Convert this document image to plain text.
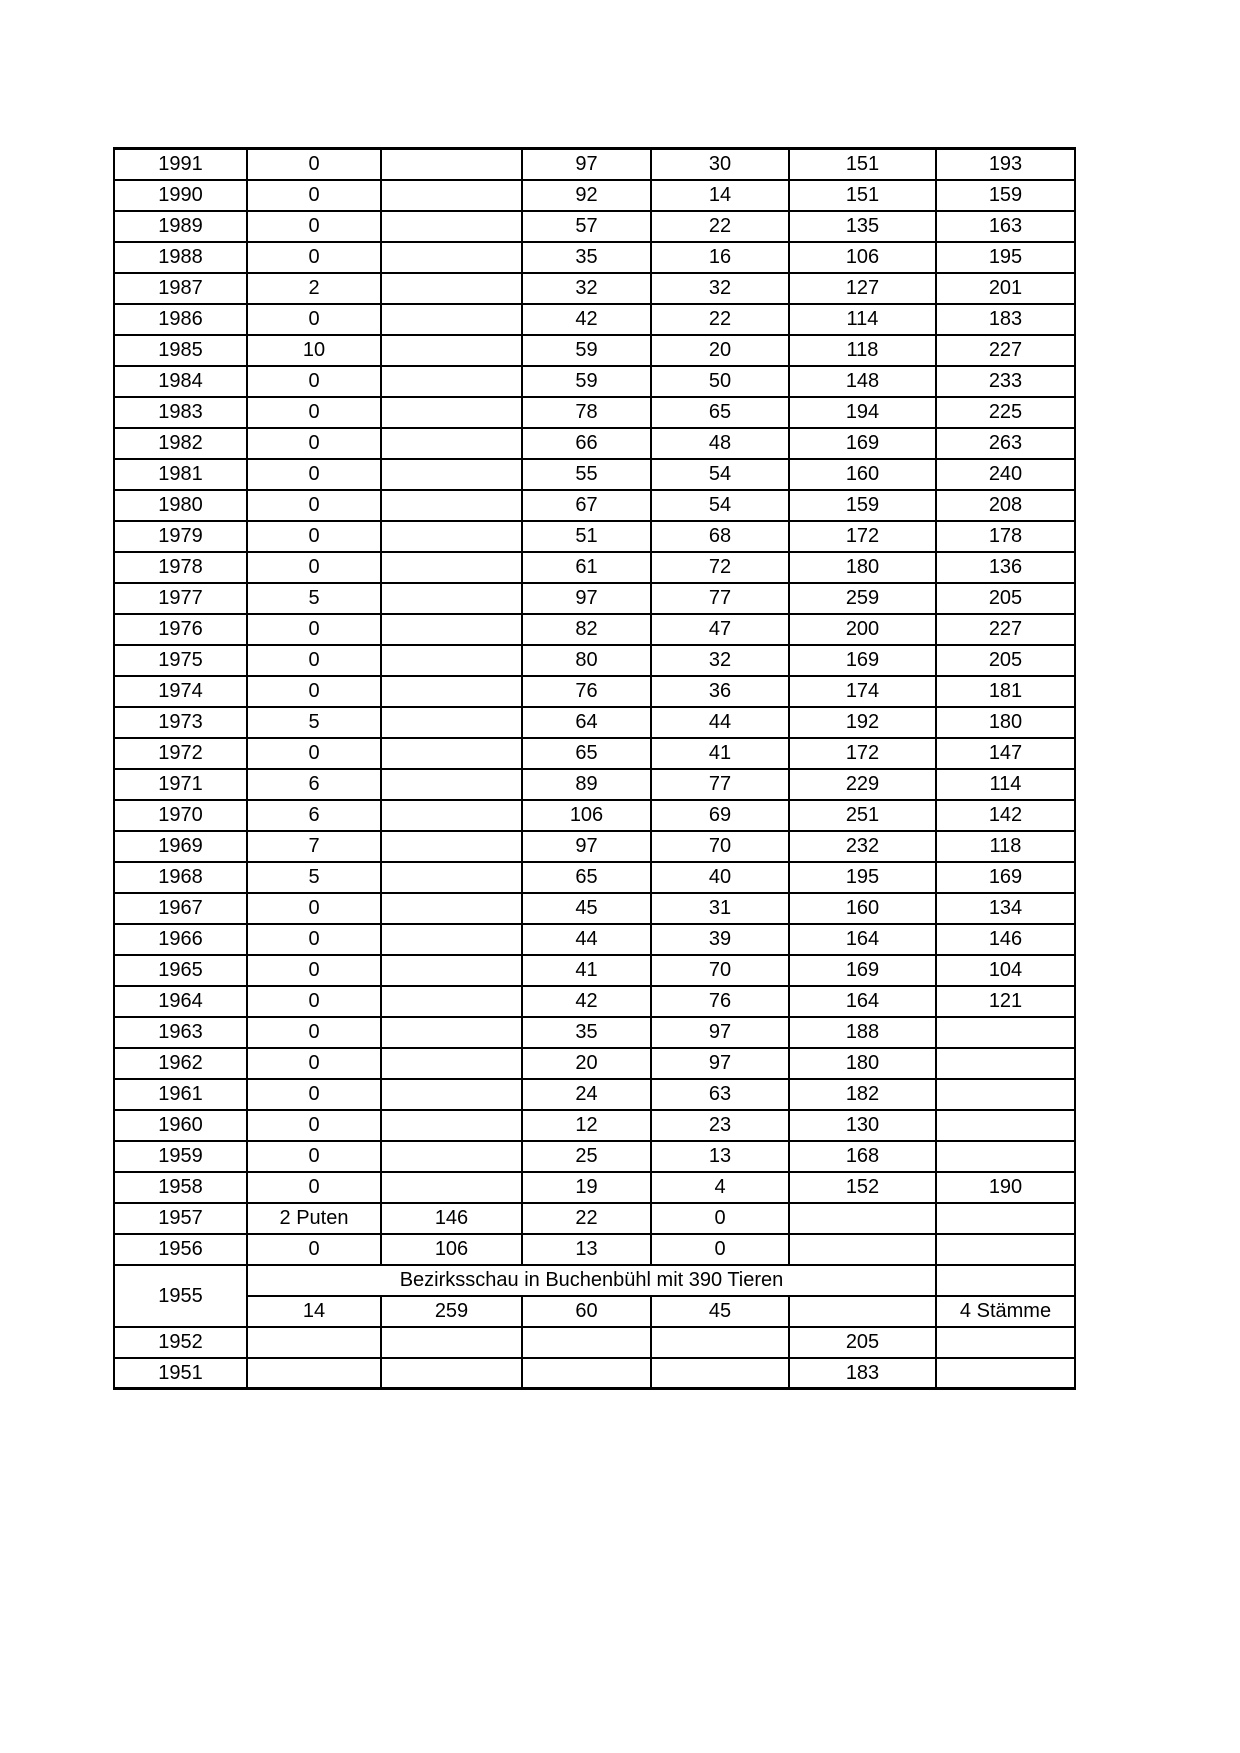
1991	0		97	30	151	193
1990	0		92	14	151	159
1989	0		57	22	135	163
1988	0		35	16	106	195
1987	2		32	32	127	201
1986	0		42	22	114	183
1985	10		59	20	118	227
1984	0		59	50	148	233
1983	0		78	65	194	225
1982	0		66	48	169	263
1981	0		55	54	160	240
1980	0		67	54	159	208
1979	0		51	68	172	178
1978	0		61	72	180	136
1977	5		97	77	259	205
1976	0		82	47	200	227
1975	0		80	32	169	205
1974	0		76	36	174	181
1973	5		64	44	192	180
1972	0		65	41	172	147
1971	6		89	77	229	114
1970	6		106	69	251	142
1969	7		97	70	232	118
1968	5		65	40	195	169
1967	0		45	31	160	134
1966	0		44	39	164	146
1965	0		41	70	169	104
1964	0		42	76	164	121
1963	0		35	97	188	
1962	0		20	97	180	
1961	0		24	63	182	
1960	0		12	23	130	
1959	0		25	13	168	
1958	0		19	4	152	190
1957	2 Puten	146	22	0		
1956	0	106	13	0		
1955	Bezirksschau in Buchenbühl mit 390 Tieren					
	14	259	60	45		4 Stämme
1952					205	
1951					183	
